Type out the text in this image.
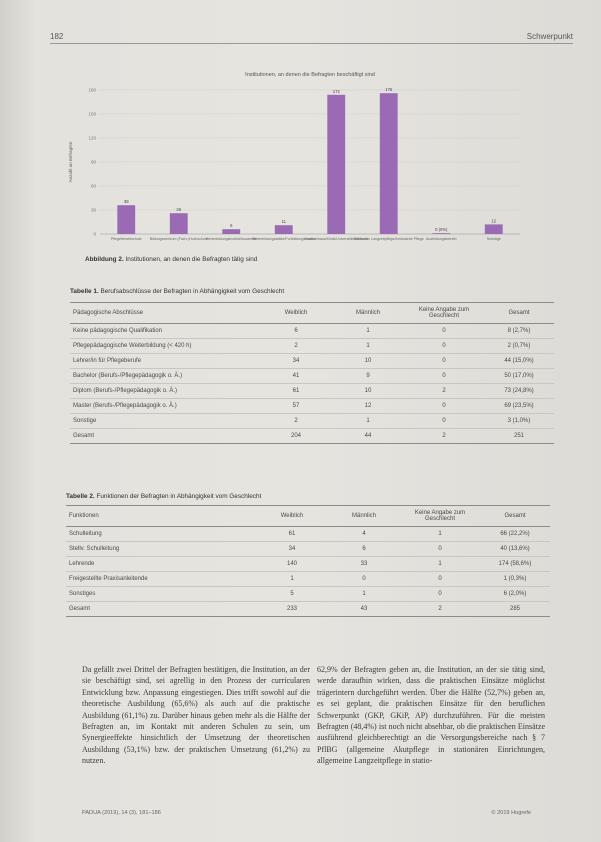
182	Schwerpunkt
Institutionen, an denen die Befragten beschäftigt sind
Anzahl an Befragten
0
30
60
90
120
150
180
38
Pflegeberufeschule
26
Bildungszentrum (Fach-)Hochschule
6
Weiterbildungsinstitut/Akademie
11
Weiterbildungsstätte/Fortbildungsinstitut
173
Krankenhaus/Klinik/Universitätsklinikum
176
Stationäre Langzeitpflege/Ambulante Pflege
0 (0%)
Ausbildungsbetrieb
12
Sonstige
Abbildung 2. Institutionen, an denen die Befragten tätig sind
Tabelle 1. Berufsabschlüsse der Befragten in Abhängigkeit vom Geschlecht
Pädagogische Abschlüsse	Weiblich	Männlich	Keine Angabe zum Geschlecht	Gesamt
Keine pädagogische Qualifikation	6	1	0	8 (2,7%)
Pflegepädagogische Weiterbildung (< 420 h)	2	1	0	2 (0,7%)
Lehrer/in für Pflegeberufe	34	10	0	44 (15,0%)
Bachelor (Berufs-/Pflegepädagogik o. Ä.)	41	9	0	50 (17,0%)
Diplom (Berufs-/Pflegepädagogik o. Ä.)	61	10	2	73 (24,8%)
Master (Berufs-/Pflegepädagogik o. Ä.)	57	12	0	69 (23,5%)
Sonstige	2	1	0	3 (1,0%)
Gesamt	204	44	2	251
Tabelle 2. Funktionen der Befragten in Abhängigkeit vom Geschlecht
Funktionen	Weiblich	Männlich	Keine Angabe zum Geschlecht	Gesamt
Schulleitung	61	4	1	66 (22,2%)
Stellv. Schulleitung	34	6	0	40 (13,6%)
Lehrende	140	33	1	174 (58,6%)
Freigestellte Praxisanleitende	1	0	0	1 (0,3%)
Sonstiges	5	1	0	6 (2,0%)
Gesamt	233	43	2	285

Da gefällt zwei Drittel der Befragten bestätigen, die Institution, an der sie beschäftigt sind, sei agrellig in den Prozess der curricularen Entwicklung bzw. Anpassung eingestiegen. Dies trifft sowohl auf die theoretische Ausbildung (65,6%) als auch auf die praktische Ausbildung (61,1%) zu. Darüber hinaus geben mehr als die Hälfte der Befragten an, im Kontakt mit anderen Schulen zu sein, um Synergieeffekte hinsichtlich der Umsetzung der theoretischen Ausbildung (53,1%) bzw. der praktischen Umsetzung (61,2%) zu nutzen.

62,9% der Befragten geben an, die Institution, an der sie tätig sind, werde daraufhin wirken, dass die praktischen Einsätze möglichst trägerintern durchgeführt werden. Über die Hälfte (52,7%) geben an, es sei geplant, die praktischen Einsätze für den beruflichen Schwerpunkt (GKP, GKiP, AP) durchzuführen. Für die meisten Befragten (48,4%) ist noch nicht absehbar, ob die praktischen Einsätze ausführend gleichberechtigt an die Versorgungsbereiche nach § 7 PflBG (allgemeine Akutpflege in stationären Einrichtungen, allgemeine Langzeitpflege in statio-

PADUA (2019), 14 (3), 181–186	© 2019 Hogrefe
